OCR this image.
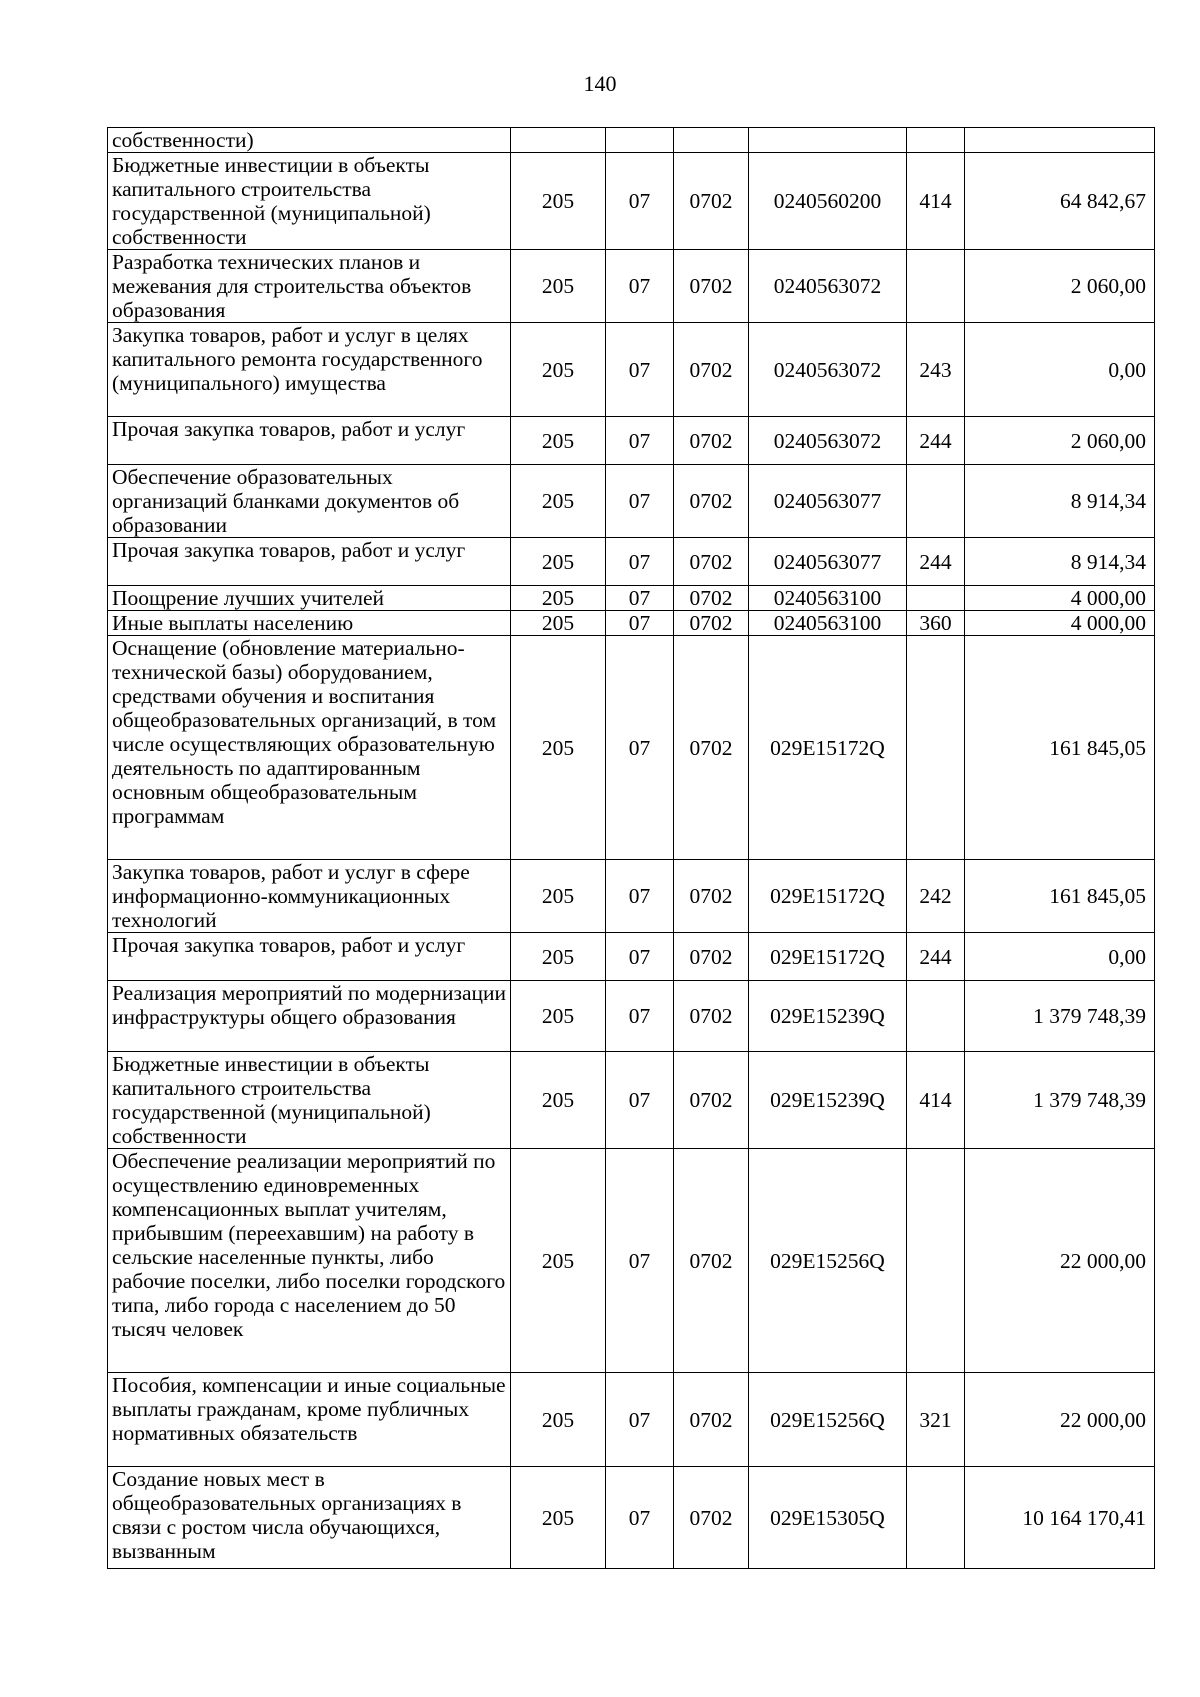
140
собственности)						
Бюджетные инвестиции в объекты капитального строительства государственной (муниципальной) собственности	205	07	0702	0240560200	414	64 842,67
Разработка технических планов и межевания для строительства объектов образования	205	07	0702	0240563072		2 060,00
Закупка товаров, работ и услуг в целях капитального ремонта государственного (муниципального) имущества	205	07	0702	0240563072	243	0,00
Прочая закупка товаров, работ и услуг	205	07	0702	0240563072	244	2 060,00
Обеспечение образовательных организаций бланками документов об образовании	205	07	0702	0240563077		8 914,34
Прочая закупка товаров, работ и услуг	205	07	0702	0240563077	244	8 914,34
Поощрение лучших учителей	205	07	0702	0240563100		4 000,00
Иные выплаты населению	205	07	0702	0240563100	360	4 000,00
Оснащение (обновление материально-технической базы) оборудованием, средствами обучения и воспитания общеобразовательных организаций, в том числе осуществляющих образовательную деятельность по адаптированным основным общеобразовательным программам	205	07	0702	029E15172Q		161 845,05
Закупка товаров, работ и услуг в сфере информационно-коммуникационных технологий	205	07	0702	029E15172Q	242	161 845,05
Прочая закупка товаров, работ и услуг	205	07	0702	029E15172Q	244	0,00
Реализация мероприятий по модернизации инфраструктуры общего образования	205	07	0702	029E15239Q		1 379 748,39
Бюджетные инвестиции в объекты капитального строительства государственной (муниципальной) собственности	205	07	0702	029E15239Q	414	1 379 748,39
Обеспечение реализации мероприятий по осуществлению единовременных компенсационных выплат учителям, прибывшим (переехавшим) на работу в сельские населенные пункты, либо рабочие поселки, либо поселки городского типа, либо города с населением до 50 тысяч человек	205	07	0702	029E15256Q		22 000,00
Пособия, компенсации и иные социальные выплаты гражданам, кроме публичных нормативных обязательств	205	07	0702	029E15256Q	321	22 000,00
Создание новых мест в общеобразовательных организациях в связи с ростом числа обучающихся, вызванным	205	07	0702	029E15305Q		10 164 170,41
